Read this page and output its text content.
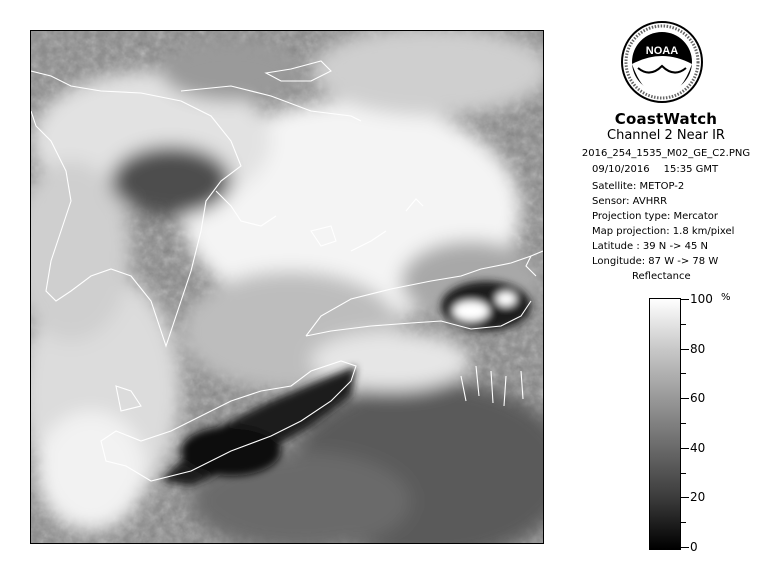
NOAA
CoastWatch
Channel 2 Near IR
2016_254_1535_M02_GE_C2.PNG
09/10/2016 15:35 GMT
Reflectance
%
100
80
60
40
20
0
Satellite: METOP-2
Sensor: AVHRR
Projection type: Mercator
Map projection: 1.8 km/pixel
Latitude : 39 N -> 45 N
Longitude: 87 W -> 78 W
